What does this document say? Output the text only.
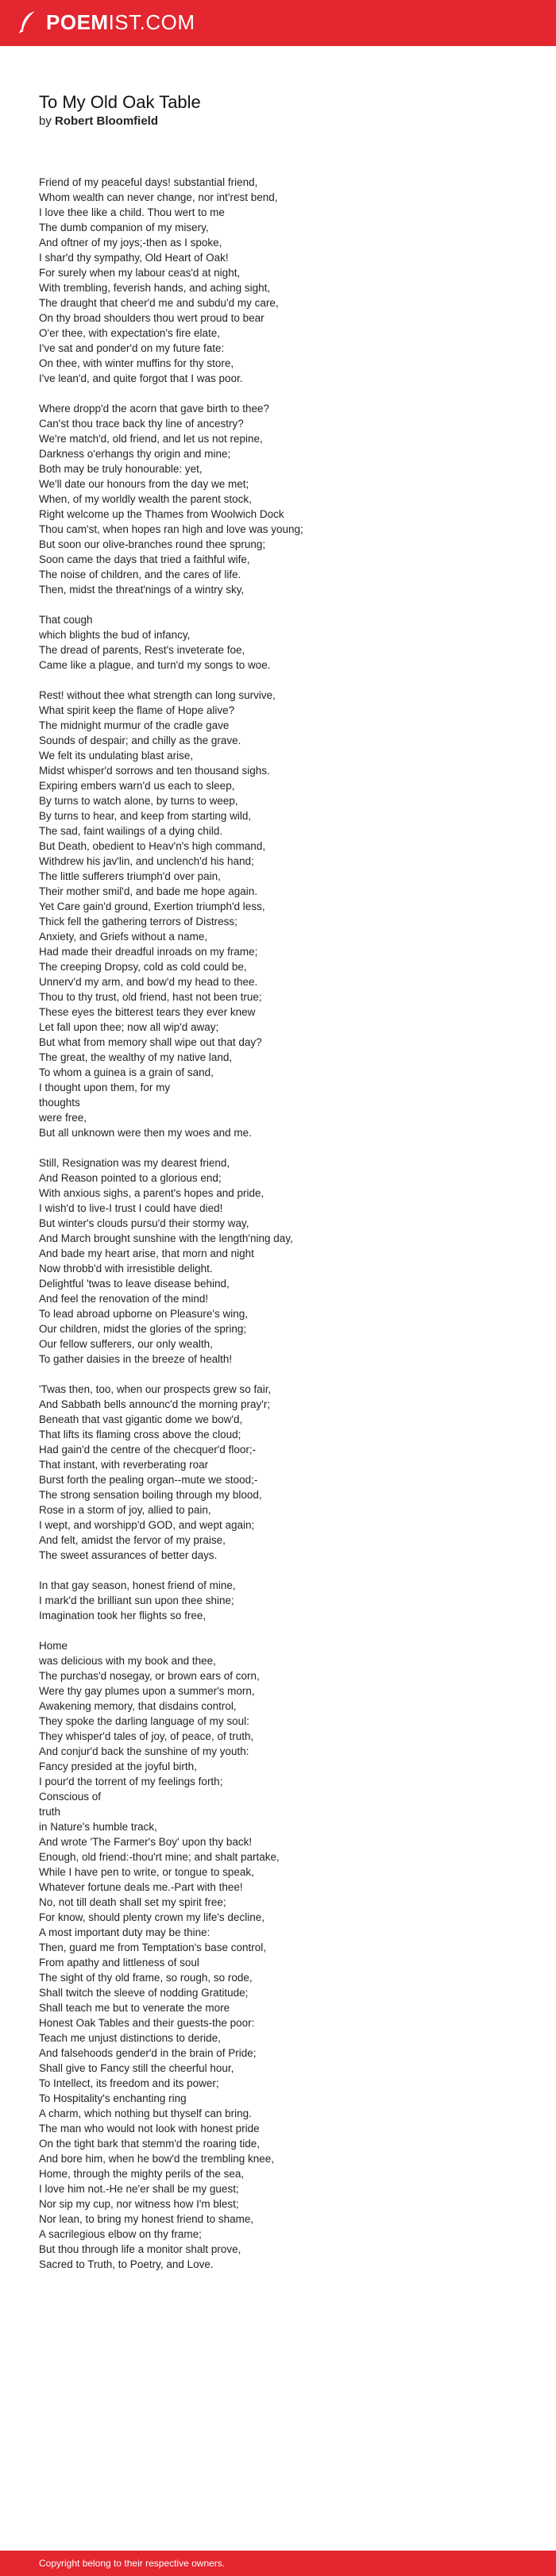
POEMIST.COM
To My Old Oak Table
by Robert Bloomfield
Friend of my peaceful days! substantial friend,
Whom wealth can never change, nor int'rest bend,
I love thee like a child. Thou wert to me
The dumb companion of my misery,
And oftner of my joys;-then as I spoke,
I shar'd thy sympathy, Old Heart of Oak!
For surely when my labour ceas'd at night,
With trembling, feverish hands, and aching sight,
The draught that cheer'd me and subdu'd my care,
On thy broad shoulders thou wert proud to bear
O'er thee, with expectation's fire elate,
I've sat and ponder'd on my future fate:
On thee, with winter muffins for thy store,
I've lean'd, and quite forgot that I was poor.
Where dropp'd the acorn that gave birth to thee?
Can'st thou trace back thy line of ancestry?
We're match'd, old friend, and let us not repine,
Darkness o'erhangs thy origin and mine;
Both may be truly honourable: yet,
We'll date our honours from the day we met;
When, of my worldly wealth the parent stock,
Right welcome up the Thames from Woolwich Dock
Thou cam'st, when hopes ran high and love was young;
But soon our olive-branches round thee sprung;
Soon came the days that tried a faithful wife,
The noise of children, and the cares of life.
Then, midst the threat'nings of a wintry sky,
That cough
which blights the bud of infancy,
The dread of parents, Rest's inveterate foe,
Came like a plague, and turn'd my songs to woe.
Rest! without thee what strength can long survive,
What spirit keep the flame of Hope alive?
The midnight murmur of the cradle gave
Sounds of despair; and chilly as the grave.
We felt its undulating blast arise,
Midst whisper'd sorrows and ten thousand sighs.
Expiring embers warn'd us each to sleep,
By turns to watch alone, by turns to weep,
By turns to hear, and keep from starting wild,
The sad, faint wailings of a dying child.
But Death, obedient to Heav'n's high command,
Withdrew his jav'lin, and unclench'd his hand;
The little sufferers triumph'd over pain,
Their mother smil'd, and bade me hope again.
Yet Care gain'd ground, Exertion triumph'd less,
Thick fell the gathering terrors of Distress;
Anxiety, and Griefs without a name,
Had made their dreadful inroads on my frame;
The creeping Dropsy, cold as cold could be,
Unnerv'd my arm, and bow'd my head to thee.
Thou to thy trust, old friend, hast not been true;
These eyes the bitterest tears they ever knew
Let fall upon thee; now all wip'd away;
But what from memory shall wipe out that day?
The great, the wealthy of my native land,
To whom a guinea is a grain of sand,
I thought upon them, for my
thoughts
were free,
But all unknown were then my woes and me.
Still, Resignation was my dearest friend,
And Reason pointed to a glorious end;
With anxious sighs, a parent's hopes and pride,
I wish'd to live-I trust I could have died!
But winter's clouds pursu'd their stormy way,
And March brought sunshine with the length'ning day,
And bade my heart arise, that morn and night
Now throbb'd with irresistible delight.
Delightful 'twas to leave disease behind,
And feel the renovation of the mind!
To lead abroad upborne on Pleasure's wing,
Our children, midst the glories of the spring;
Our fellow sufferers, our only wealth,
To gather daisies in the breeze of health!
'Twas then, too, when our prospects grew so fair,
And Sabbath bells announc'd the morning pray'r;
Beneath that vast gigantic dome we bow'd,
That lifts its flaming cross above the cloud;
Had gain'd the centre of the checquer'd floor;-
That instant, with reverberating roar
Burst forth the pealing organ--mute we stood;-
The strong sensation boiling through my blood,
Rose in a storm of joy, allied to pain,
I wept, and worshipp'd GOD, and wept again;
And felt, amidst the fervor of my praise,
The sweet assurances of better days.
In that gay season, honest friend of mine,
I mark'd the brilliant sun upon thee shine;
Imagination took her flights so free,
Home
was delicious with my book and thee,
The purchas'd nosegay, or brown ears of corn,
Were thy gay plumes upon a summer's morn,
Awakening memory, that disdains control,
They spoke the darling language of my soul:
They whisper'd tales of joy, of peace, of truth,
And conjur'd back the sunshine of my youth:
Fancy presided at the joyful birth,
I pour'd the torrent of my feelings forth;
Conscious of
truth
in Nature's humble track,
And wrote 'The Farmer's Boy' upon thy back!
Enough, old friend:-thou'rt mine; and shalt partake,
While I have pen to write, or tongue to speak,
Whatever fortune deals me.-Part with thee!
No, not till death shall set my spirit free;
For know, should plenty crown my life's decline,
A most important duty may be thine:
Then, guard me from Temptation's base control,
From apathy and littleness of soul
The sight of thy old frame, so rough, so rode,
Shall twitch the sleeve of nodding Gratitude;
Shall teach me but to venerate the more
Honest Oak Tables and their guests-the poor:
Teach me unjust distinctions to deride,
And falsehoods gender'd in the brain of Pride;
Shall give to Fancy still the cheerful hour,
To Intellect, its freedom and its power;
To Hospitality's enchanting ring
A charm, which nothing but thyself can bring.
The man who would not look with honest pride
On the tight bark that stemm'd the roaring tide,
And bore him, when he bow'd the trembling knee,
Home, through the mighty perils of the sea,
I love him not.-He ne'er shall be my guest;
Nor sip my cup, nor witness how I'm blest;
Nor lean, to bring my honest friend to shame,
A sacrilegious elbow on thy frame;
But thou through life a monitor shalt prove,
Sacred to Truth, to Poetry, and Love.
Copyright belong to their respective owners.
